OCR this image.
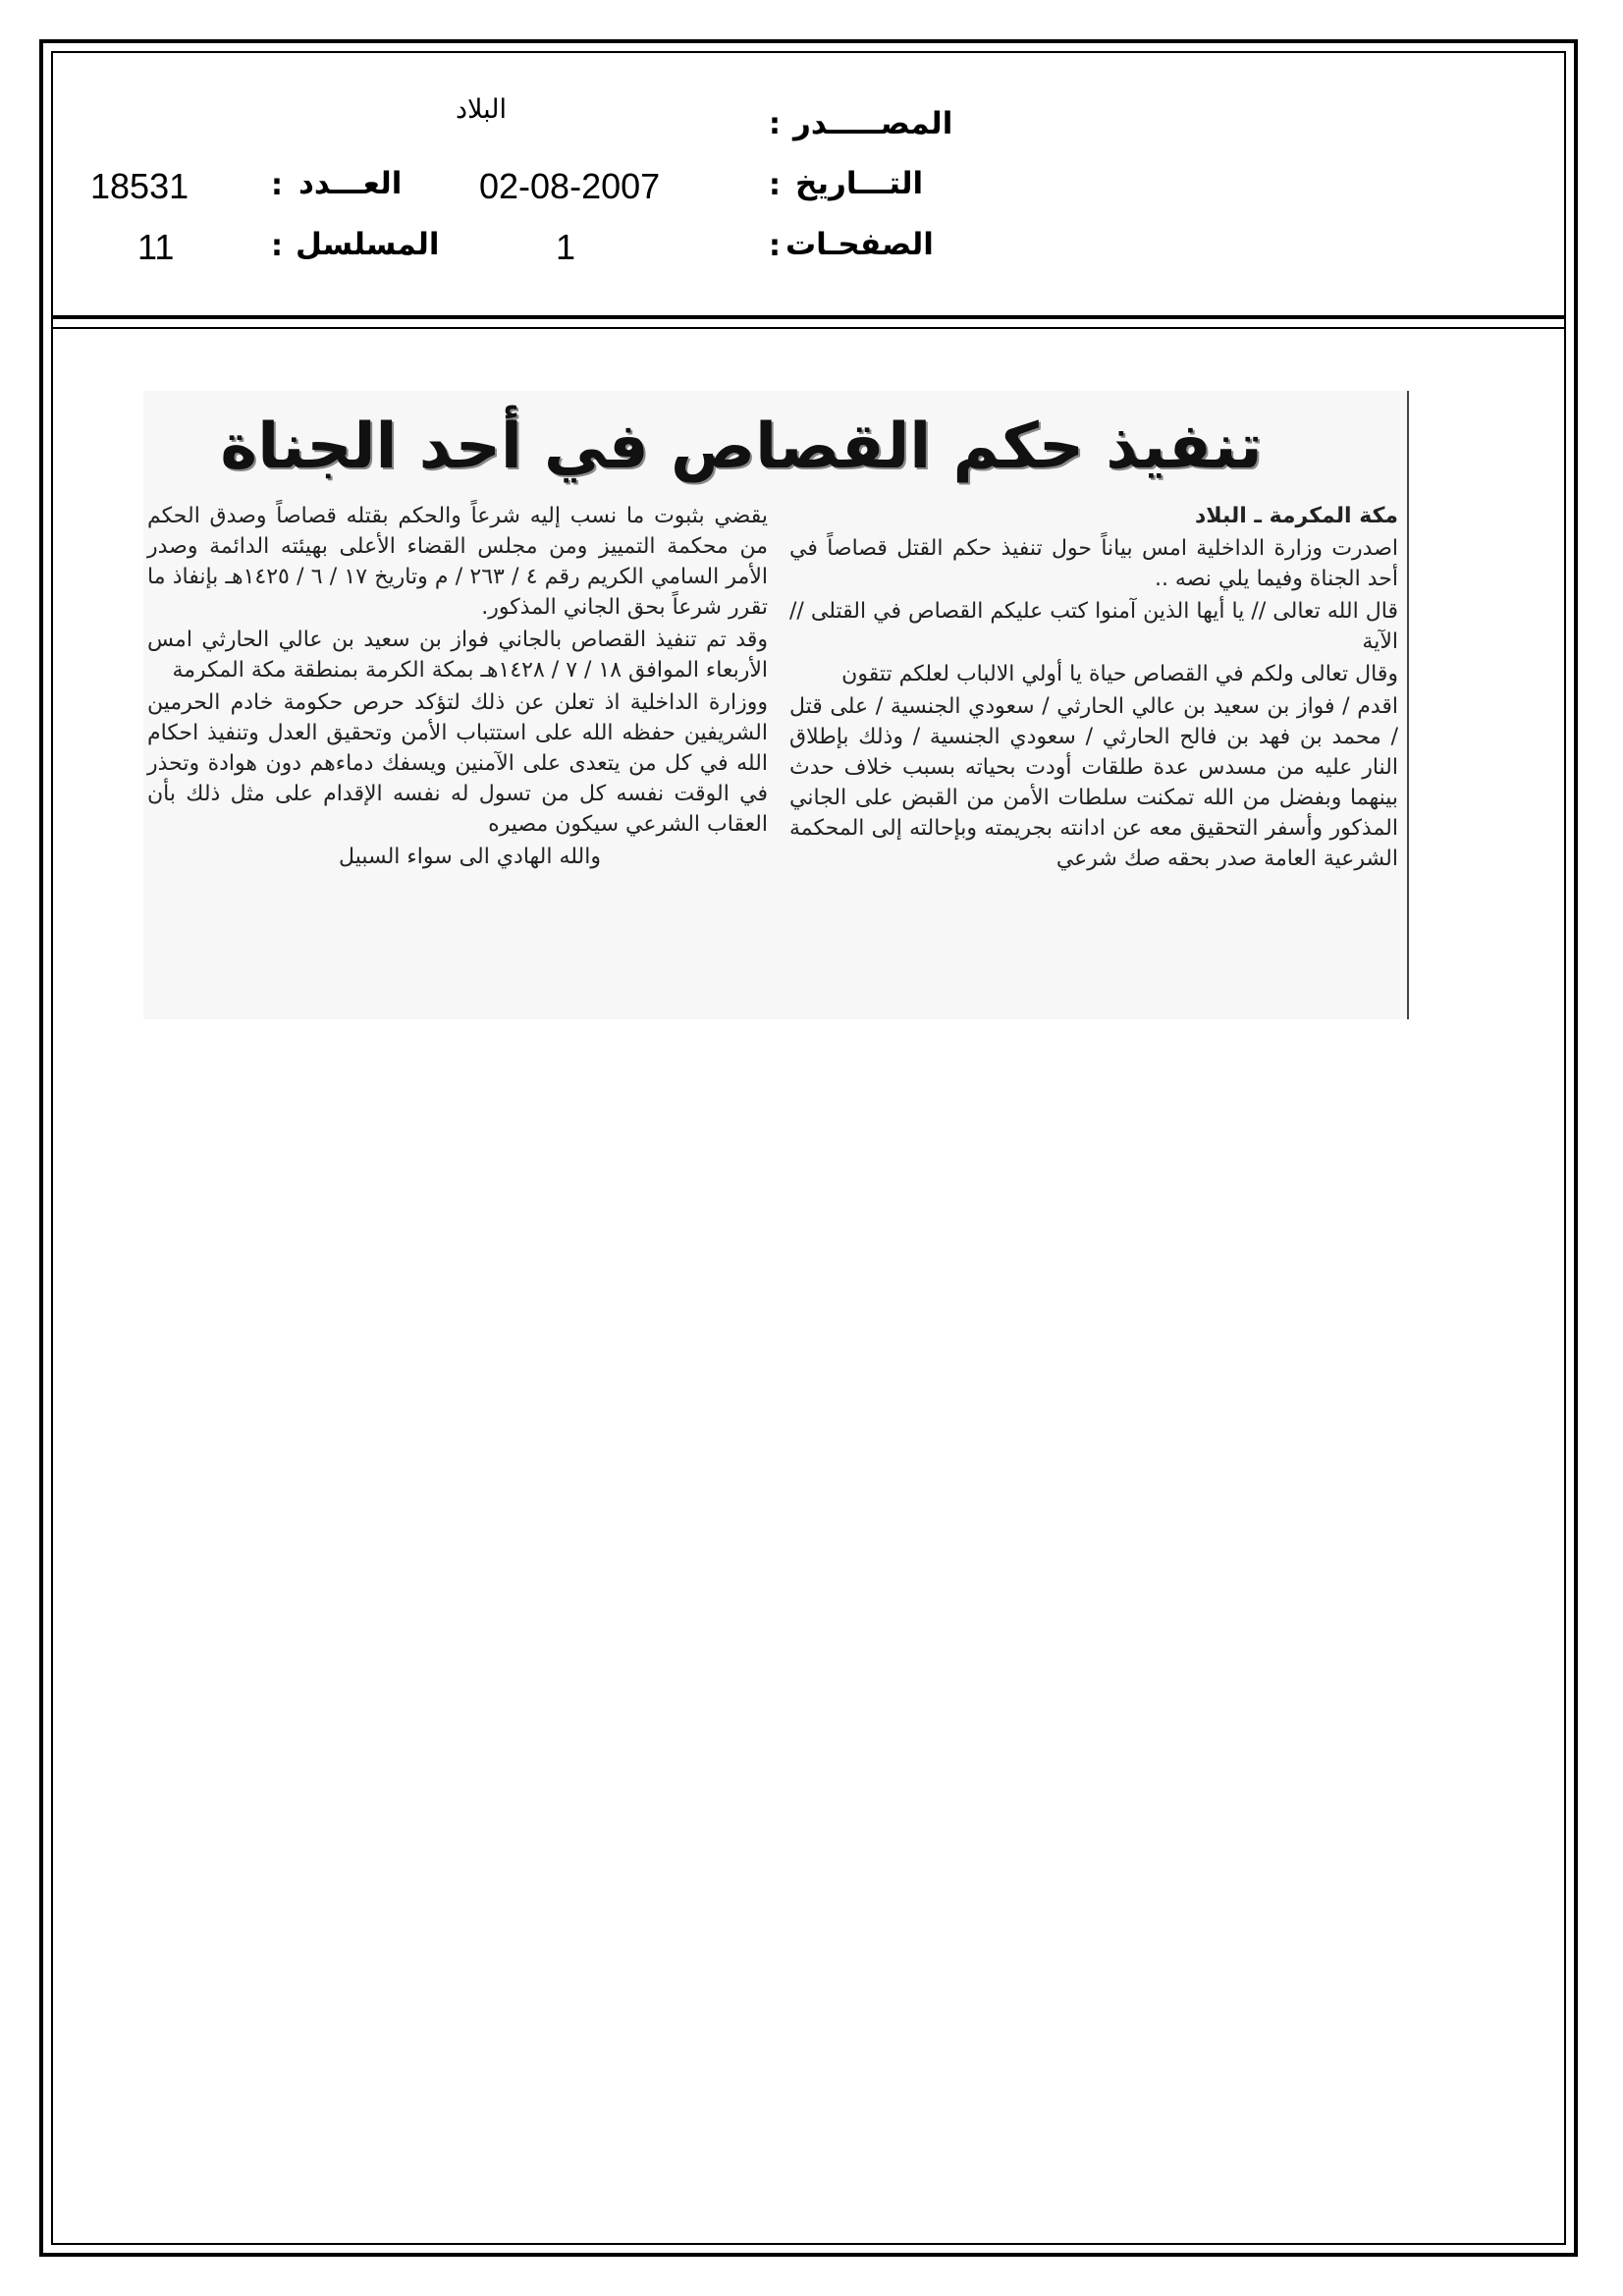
المصـــــدر
:
البلاد
التـــاريخ
:
02-08-2007
العـــدد
:
18531
الصفحـات
:
1
المسلسل
:
11
تنفيذ حكم القصاص في أحد الجناة

مكة المكرمة ـ البلاد

اصدرت وزارة الداخلية امس بياناً حول تنفيذ حكم القتل قصاصاً في أحد الجناة وفيما يلي نصه ..

قال الله تعالى // يا أيها الذين آمنوا كتب عليكم القصاص في القتلى // الآية

وقال تعالى ولكم في القصاص حياة يا أولي الالباب لعلكم تتقون

اقدم / فواز بن سعيد بن عالي الحارثي / سعودي الجنسية / على قتل / محمد بن فهد بن فالح الحارثي / سعودي الجنسية / وذلك بإطلاق النار عليه من مسدس عدة طلقات أودت بحياته بسبب خلاف حدث بينهما وبفضل من الله تمكنت سلطات الأمن من القبض على الجاني المذكور وأسفر التحقيق معه عن ادانته بجريمته وبإحالته إلى المحكمة الشرعية العامة صدر بحقه صك شرعي

يقضي بثبوت ما نسب إليه شرعاً والحكم بقتله قصاصاً وصدق الحكم من محكمة التمييز ومن مجلس القضاء الأعلى بهيئته الدائمة وصدر الأمر السامي الكريم رقم ٤ / ٢٦٣ / م وتاريخ ١٧ / ٦ / ١٤٢٥هـ بإنفاذ ما تقرر شرعاً بحق الجاني المذكور.

وقد تم تنفيذ القصاص بالجاني فواز بن سعيد بن عالي الحارثي امس الأربعاء الموافق ١٨ / ٧ / ١٤٢٨هـ بمكة الكرمة بمنطقة مكة المكرمة

ووزارة الداخلية اذ تعلن عن ذلك لتؤكد حرص حكومة خادم الحرمين الشريفين حفظه الله على استتباب الأمن وتحقيق العدل وتنفيذ احكام الله في كل من يتعدى على الآمنين ويسفك دماءهم دون هوادة وتحذر في الوقت نفسه كل من تسول له نفسه الإقدام على مثل ذلك بأن العقاب الشرعي سيكون مصيره

والله الهادي الى سواء السبيل
